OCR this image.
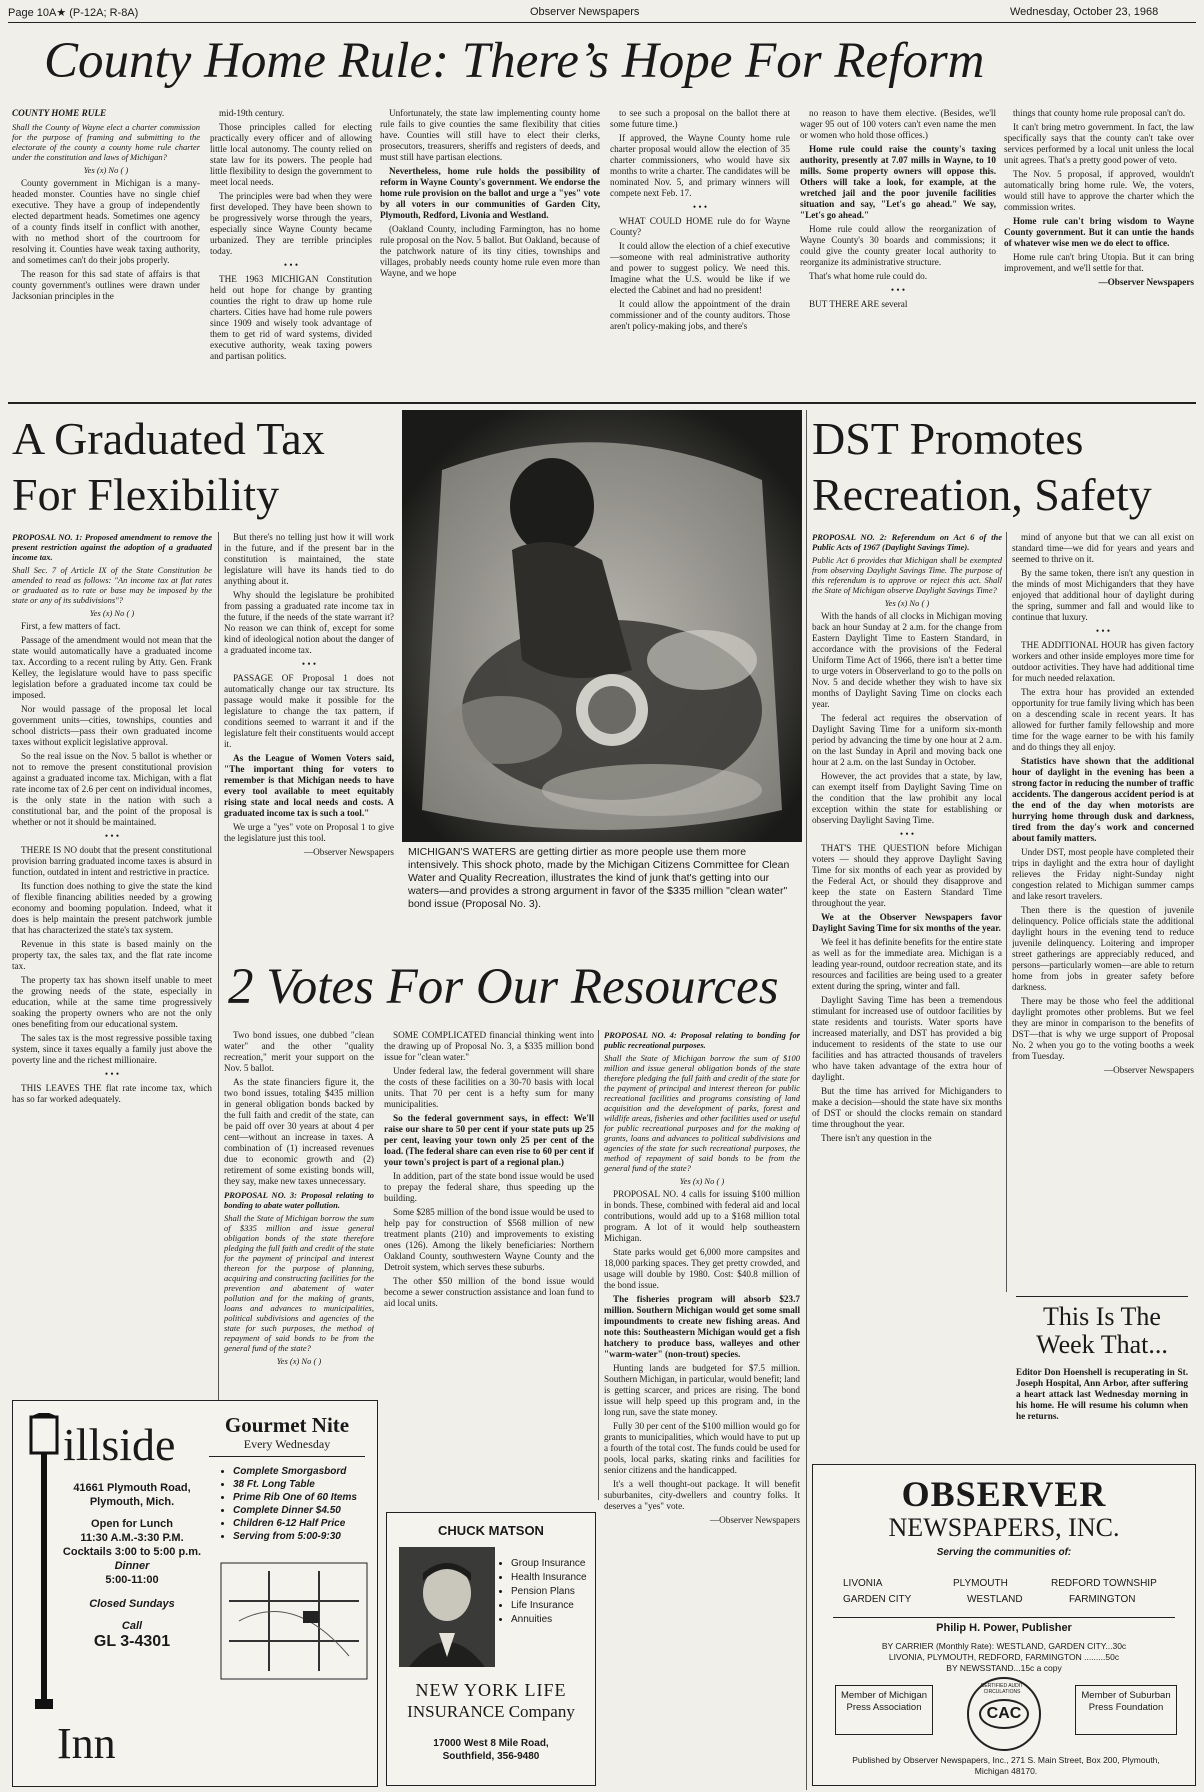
Page 10A★ (P-12A; R-8A)	Observer Newspapers	Wednesday, October 23, 1968
County Home Rule: There’s Hope For Reform

COUNTY HOME RULE

Shall the County of Wayne elect a charter commission for the purpose of framing and submitting to the electorate of the county a county home rule charter under the constitution and laws of Michigan?

Yes (x) No ( )

County government in Michigan is a many-headed monster. Counties have no single chief executive. They have a group of independently elected department heads. Sometimes one agency of a county finds itself in conflict with another, with no method short of the courtroom for resolving it. Counties have weak taxing authority, and sometimes can't do their jobs properly.

The reason for this sad state of affairs is that county government's outlines were drawn under Jacksonian principles in the

mid-19th century.

Those principles called for electing practically every officer and of allowing little local autonomy. The county relied on state law for its powers. The people had little flexibility to design the government to meet local needs.

The principles were bad when they were first developed. They have been shown to be progressively worse through the years, especially since Wayne County became urbanized. They are terrible principles today.

• • •

THE 1963 MICHIGAN Constitution held out hope for change by granting counties the right to draw up home rule charters. Cities have had home rule powers since 1909 and wisely took advantage of them to get rid of ward systems, divided executive authority, weak taxing powers and partisan politics.

Unfortunately, the state law implementing county home rule fails to give counties the same flexibility that cities have. Counties will still have to elect their clerks, prosecutors, treasurers, sheriffs and registers of deeds, and must still have partisan elections.

Nevertheless, home rule holds the possibility of reform in Wayne County's government. We endorse the home rule provision on the ballot and urge a "yes" vote by all voters in our communities of Garden City, Plymouth, Redford, Livonia and Westland.

(Oakland County, including Farmington, has no home rule proposal on the Nov. 5 ballot. But Oakland, because of the patchwork nature of its tiny cities, townships and villages, probably needs county home rule even more than Wayne, and we hope

to see such a proposal on the ballot there at some future time.)

If approved, the Wayne County home rule charter proposal would allow the election of 35 charter commissioners, who would have six months to write a charter. The candidates will be nominated Nov. 5, and primary winners will compete next Feb. 17.

• • •

WHAT COULD HOME rule do for Wayne County?

It could allow the election of a chief executive—someone with real administrative authority and power to suggest policy. We need this. Imagine what the U.S. would be like if we elected the Cabinet and had no president!

It could allow the appointment of the drain commissioner and of the county auditors. Those aren't policy-making jobs, and there's

no reason to have them elective. (Besides, we'll wager 95 out of 100 voters can't even name the men or women who hold those offices.)

Home rule could raise the county's taxing authority, presently at 7.07 mills in Wayne, to 10 mills. Some property owners will oppose this. Others will take a look, for example, at the wretched jail and the poor juvenile facilities situation and say, "Let's go ahead." We say, "Let's go ahead."

Home rule could allow the reorganization of Wayne County's 30 boards and commissions; it could give the county greater local authority to reorganize its administrative structure.

That's what home rule could do.

• • •

BUT THERE ARE several

things that county home rule proposal can't do.

It can't bring metro government. In fact, the law specifically says that the county can't take over services performed by a local unit unless the local unit agrees. That's a pretty good power of veto.

The Nov. 5 proposal, if approved, wouldn't automatically bring home rule. We, the voters, would still have to approve the charter which the commission writes.

Home rule can't bring wisdom to Wayne County government. But it can untie the hands of whatever wise men we do elect to office.

Home rule can't bring Utopia. But it can bring improvement, and we'll settle for that.

—Observer Newspapers

A Graduated Tax
For Flexibility

PROPOSAL NO. 1: Proposed amendment to remove the present restriction against the adoption of a graduated income tax.

Shall Sec. 7 of Article IX of the State Constitution be amended to read as follows: "An income tax at flat rates or graduated as to rate or base may be imposed by the state or any of its subdivisions"?

Yes (x) No ( )

First, a few matters of fact.

Passage of the amendment would not mean that the state would automatically have a graduated income tax. According to a recent ruling by Atty. Gen. Frank Kelley, the legislature would have to pass specific legislation before a graduated income tax could be imposed.

Nor would passage of the proposal let local government units—cities, townships, counties and school districts—pass their own graduated income taxes without explicit legislative approval.

So the real issue on the Nov. 5 ballot is whether or not to remove the present constitutional provision against a graduated income tax. Michigan, with a flat rate income tax of 2.6 per cent on individual incomes, is the only state in the nation with such a constitutional bar, and the point of the proposal is whether or not it should be maintained.

• • •

THERE IS NO doubt that the present constitutional provision barring graduated income taxes is absurd in function, outdated in intent and restrictive in practice.

Its function does nothing to give the state the kind of flexible financing abilities needed by a growing economy and booming population. Indeed, what it does is help maintain the present patchwork jumble that has characterized the state's tax system.

Revenue in this state is based mainly on the property tax, the sales tax, and the flat rate income tax.

The property tax has shown itself unable to meet the growing needs of the state, especially in education, while at the same time progressively soaking the property owners who are not the only ones benefiting from our educational system.

The sales tax is the most regressive possible taxing system, since it taxes equally a family just above the poverty line and the richest millionaire.

• • •

THIS LEAVES THE flat rate income tax, which has so far worked adequately.

But there's no telling just how it will work in the future, and if the present bar in the constitution is maintained, the state legislature will have its hands tied to do anything about it.

Why should the legislature be prohibited from passing a graduated rate income tax in the future, if the needs of the state warrant it? No reason we can think of, except for some kind of ideological notion about the danger of a graduated income tax.

• • •

PASSAGE OF Proposal 1 does not automatically change our tax structure. Its passage would make it possible for the legislature to change the tax pattern, if conditions seemed to warrant it and if the legislature felt their constituents would accept it.

As the League of Women Voters said, "The important thing for voters to remember is that Michigan needs to have every tool available to meet equitably rising state and local needs and costs. A graduated income tax is such a tool."

We urge a "yes" vote on Proposal 1 to give the legislature just this tool.

—Observer Newspapers MICHIGAN'S WATERS are getting dirtier as more people use them more intensively. This shock photo, made by the Michigan Citizens Committee for Clean Water and Quality Recreation, illustrates the kind of junk that's getting into our waters—and provides a strong argument in favor of the $335 million "clean water" bond issue (Proposal No. 3).
DST Promotes
Recreation, Safety

PROPOSAL NO. 2: Referendum on Act 6 of the Public Acts of 1967 (Daylight Savings Time).

Public Act 6 provides that Michigan shall be exempted from observing Daylight Savings Time. The purpose of this referendum is to approve or reject this act. Shall the State of Michigan observe Daylight Savings Time?

Yes (x) No ( )

With the hands of all clocks in Michigan moving back an hour Sunday at 2 a.m. for the change from Eastern Daylight Time to Eastern Standard, in accordance with the provisions of the Federal Uniform Time Act of 1966, there isn't a better time to urge voters in Observerland to go to the polls on Nov. 5 and decide whether they wish to have six months of Daylight Saving Time on clocks each year.

The federal act requires the observation of Daylight Saving Time for a uniform six-month period by advancing the time by one hour at 2 a.m. on the last Sunday in April and moving back one hour at 2 a.m. on the last Sunday in October.

However, the act provides that a state, by law, can exempt itself from Daylight Saving Time on the condition that the law prohibit any local exception within the state for establishing or observing Daylight Saving Time.

• • •

THAT'S THE QUESTION before Michigan voters — should they approve Daylight Saving Time for six months of each year as provided by the Federal Act, or should they disapprove and keep the state on Eastern Standard Time throughout the year.

We at the Observer Newspapers favor Daylight Saving Time for six months of the year.

We feel it has definite benefits for the entire state as well as for the immediate area. Michigan is a leading year-round, outdoor recreation state, and its resources and facilities are being used to a greater extent during the spring, winter and fall.

Daylight Saving Time has been a tremendous stimulant for increased use of outdoor facilities by state residents and tourists. Water sports have increased materially, and DST has provided a big inducement to residents of the state to use our facilities and has attracted thousands of travelers who have taken advantage of the extra hour of daylight.

But the time has arrived for Michiganders to make a decision—should the state have six months of DST or should the clocks remain on standard time throughout the year.

There isn't any question in the

mind of anyone but that we can all exist on standard time—we did for years and years and seemed to thrive on it.

By the same token, there isn't any question in the minds of most Michiganders that they have enjoyed that additional hour of daylight during the spring, summer and fall and would like to continue that luxury.

• • •

THE ADDITIONAL HOUR has given factory workers and other inside employes more time for outdoor activities. They have had additional time for much needed relaxation.

The extra hour has provided an extended opportunity for true family living which has been on a descending scale in recent years. It has allowed for further family fellowship and more time for the wage earner to be with his family and do things they all enjoy.

Statistics have shown that the additional hour of daylight in the evening has been a strong factor in reducing the number of traffic accidents. The dangerous accident period is at the end of the day when motorists are hurrying home through dusk and darkness, tired from the day's work and concerned about family matters.

Under DST, most people have completed their trips in daylight and the extra hour of daylight relieves the Friday night-Sunday night congestion related to Michigan summer camps and lake resort travelers.

Then there is the question of juvenile delinquency. Police officials state the additional daylight hours in the evening tend to reduce juvenile delinquency. Loitering and improper street gatherings are appreciably reduced, and persons—particularly women—are able to return home from jobs in greater safety before darkness.

There may be those who feel the additional daylight promotes other problems. But we feel they are minor in comparison to the benefits of DST—that is why we urge support of Proposal No. 2 when you go to the voting booths a week from Tuesday.

—Observer Newspapers

This Is The
Week That...
Editor Don Hoenshell is recuperating in St. Joseph Hospital, Ann Arbor, after suffering a heart attack last Wednesday morning in his home. He will resume his column when he returns.
2 Votes For Our Resources

Two bond issues, one dubbed "clean water" and the other "quality recreation," merit your support on the Nov. 5 ballot.

As the state financiers figure it, the two bond issues, totaling $435 million in general obligation bonds backed by the full faith and credit of the state, can be paid off over 30 years at about 4 per cent—without an increase in taxes. A combination of (1) increased revenues due to economic growth and (2) retirement of some existing bonds will, they say, make new taxes unnecessary.

PROPOSAL NO. 3: Proposal relating to bonding to abate water pollution.

Shall the State of Michigan borrow the sum of $335 million and issue general obligation bonds of the state therefore pledging the full faith and credit of the state for the payment of principal and interest thereon for the purpose of planning, acquiring and constructing facilities for the prevention and abatement of water pollution and for the making of grants, loans and advances to municipalities, political subdivisions and agencies of the state for such purposes, the method of repayment of said bonds to be from the general fund of the state?

Yes (x) No ( )

SOME COMPLICATED financial thinking went into the drawing up of Proposal No. 3, a $335 million bond issue for "clean water."

Under federal law, the federal government will share the costs of these facilities on a 30-70 basis with local units. That 70 per cent is a hefty sum for many municipalities.

So the federal government says, in effect: We'll raise our share to 50 per cent if your state puts up 25 per cent, leaving your town only 25 per cent of the load. (The federal share can even rise to 60 per cent if your town's project is part of a regional plan.)

In addition, part of the state bond issue would be used to prepay the federal share, thus speeding up the building.

Some $285 million of the bond issue would be used to help pay for construction of $568 million of new treatment plants (210) and improvements to existing ones (126). Among the likely beneficiaries: Northern Oakland County, southwestern Wayne County and the Detroit system, which serves these suburbs.

The other $50 million of the bond issue would become a sewer construction assistance and loan fund to aid local units.

PROPOSAL NO. 4: Proposal relating to bonding for public recreational purposes.

Shall the State of Michigan borrow the sum of $100 million and issue general obligation bonds of the state therefore pledging the full faith and credit of the state for the payment of principal and interest thereon for public recreational facilities and programs consisting of land acquisition and the development of parks, forest and wildlife areas, fisheries and other facilities used or useful for public recreational purposes and for the making of grants, loans and advances to political subdivisions and agencies of the state for such recreational purposes, the method of repayment of said bonds to be from the general fund of the state?

Yes (x) No ( )

PROPOSAL NO. 4 calls for issuing $100 million in bonds. These, combined with federal aid and local contributions, would add up to a $168 million total program. A lot of it would help southeastern Michigan.

State parks would get 6,000 more campsites and 18,000 parking spaces. They get pretty crowded, and usage will double by 1980. Cost: $40.8 million of the bond issue.

The fisheries program will absorb $23.7 million. Southern Michigan would get some small impoundments to create new fishing areas. And note this: Southeastern Michigan would get a fish hatchery to produce bass, walleyes and other "warm-water" (non-trout) species.

Hunting lands are budgeted for $7.5 million. Southern Michigan, in particular, would benefit; land is getting scarcer, and prices are rising. The bond issue will help speed up this program and, in the long run, save the state money.

Fully 30 per cent of the $100 million would go for grants to municipalities, which would have to put up a fourth of the total cost. The funds could be used for pools, local parks, skating rinks and facilities for senior citizens and the handicapped.

It's a well thought-out package. It will benefit suburbanites, city-dwellers and country folks. It deserves a "yes" vote.

—Observer Newspapers

illside
41661 Plymouth Road,
Plymouth, Mich.
Open for Lunch
11:30 A.M.-3:30 P.M.
Cocktails 3:00 to 5:00 p.m.
Dinner
5:00-11:00
Closed Sundays
Call
GL 3-4301
Inn
Gourmet Nite
Every Wednesday
• Complete Smorgasbord
• 38 Ft. Long Table
• Prime Rib One of 60 Items
• Complete Dinner $4.50
• Children 6-12 Half Price
• Serving from 5:00-9:30	CHUCK MATSON
• Group Insurance
• Health Insurance
• Pension Plans
• Life Insurance
• Annuities
NEW YORK LIFE
INSURANCE Company
17000 West 8 Mile Road,
Southfield, 356-9480
OBSERVER
NEWSPAPERS, INC.
Serving the communities of:
LIVONIA	PLYMOUTH	REDFORD TOWNSHIP
GARDEN CITY	WESTLAND	FARMINGTON
Philip H. Power, Publisher
BY CARRIER (Monthly Rate): WESTLAND, GARDEN CITY...30c
LIVONIA, PLYMOUTH, REDFORD, FARMINGTON .........50c
BY NEWSSTAND...15c a copy
Member of Michigan Press Association	CAC
CERTIFIED AUDIT CIRCULATIONS	Member of Suburban Press Foundation
Published by Observer Newspapers, Inc., 271 S. Main Street, Box 200, Plymouth, Michigan 48170.
